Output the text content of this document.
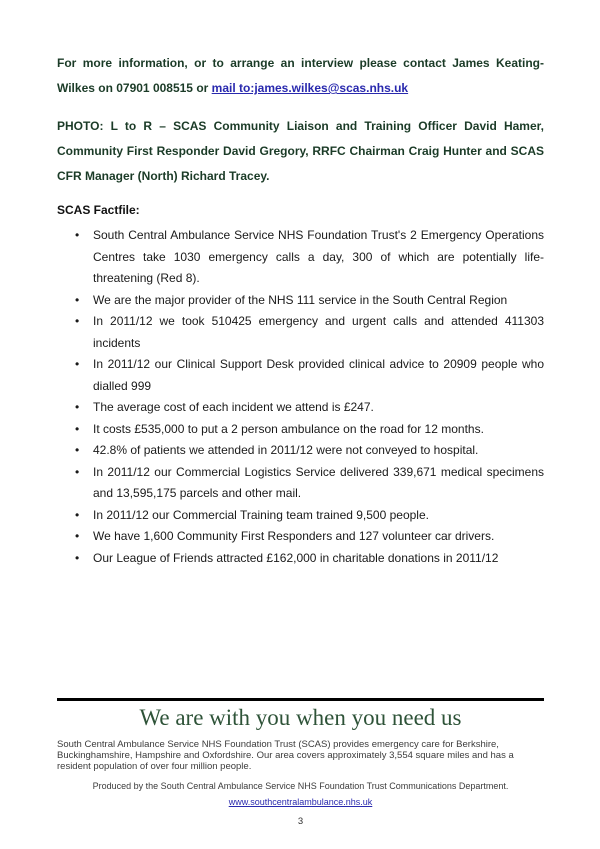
For more information, or to arrange an interview please contact James Keating-Wilkes on 07901 008515 or mail to:james.wilkes@scas.nhs.uk

PHOTO: L to R – SCAS Community Liaison and Training Officer David Hamer, Community First Responder David Gregory, RRFC Chairman Craig Hunter and SCAS CFR Manager (North) Richard Tracey.

SCAS Factfile:
• South Central Ambulance Service NHS Foundation Trust's 2 Emergency Operations Centres take 1030 emergency calls a day, 300 of which are potentially life-threatening (Red 8).
• We are the major provider of the NHS 111 service in the South Central Region
• In 2011/12 we took 510425 emergency and urgent calls and attended 411303 incidents
• In 2011/12 our Clinical Support Desk provided clinical advice to 20909 people who dialled 999
• The average cost of each incident we attend is £247.
• It costs £535,000 to put a 2 person ambulance on the road for 12 months.
• 42.8% of patients we attended in 2011/12 were not conveyed to hospital.
• In 2011/12 our Commercial Logistics Service delivered 339,671 medical specimens and 13,595,175 parcels and other mail.
• In 2011/12 our Commercial Training team trained 9,500 people.
• We have 1,600 Community First Responders and 127 volunteer car drivers.
• Our League of Friends attracted £162,000 in charitable donations in 2011/12
We are with you when you need us

South Central Ambulance Service NHS Foundation Trust (SCAS) provides emergency care for Berkshire, Buckinghamshire, Hampshire and Oxfordshire. Our area covers approximately 3,554 square miles and has a resident population of over four million people.

Produced by the South Central Ambulance Service NHS Foundation Trust Communications Department.

www.southcentralambulance.nhs.uk

3
